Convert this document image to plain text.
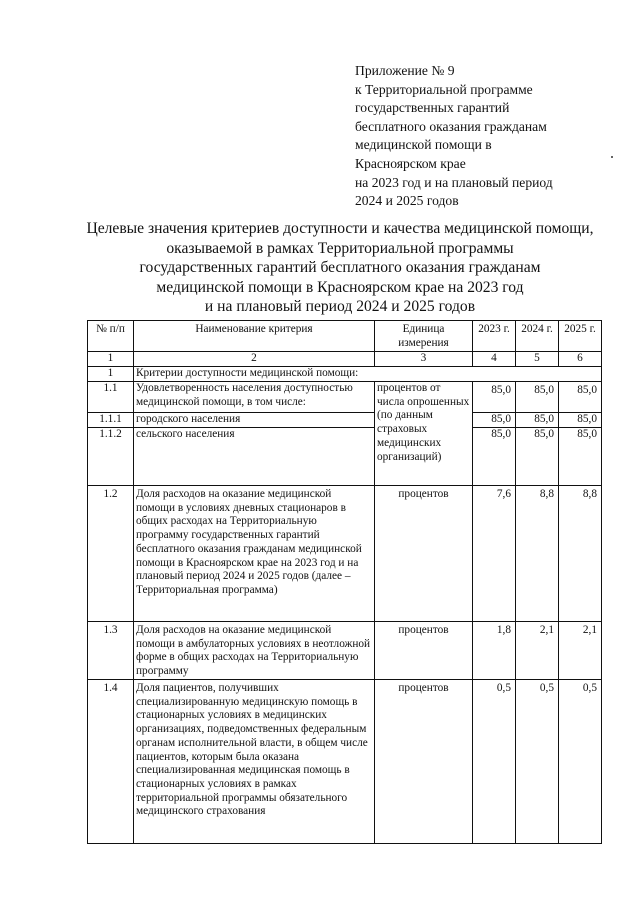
Приложение № 9
к Территориальной программе
государственных гарантий
бесплатного оказания гражданам
медицинской помощи в
Красноярском крае
на 2023 год и на плановый период
2024 и 2025 годов
Целевые значения критериев доступности и качества медицинской помощи,
оказываемой в рамках Территориальной программы
государственных гарантий бесплатного оказания гражданам
медицинской помощи в Красноярском крае на 2023 год
и на плановый период 2024 и 2025 годов
№ п/п	Наименование критерия	Единица измерения	2023 г.	2024 г.	2025 г.
1	2	3	4	5	6
1	Критерии доступности медицинской помощи:				
1.1	Удовлетворенность населения доступностью медицинской помощи, в том числе:	процентов от числа опрошенных (по данным страховых медицинских организаций)	85,0	85,0	85,0
1.1.1	городского населения		85,0	85,0	85,0
1.1.2	сельского населения		85,0	85,0	85,0
1.2	Доля расходов на оказание медицинской помощи в условиях дневных стационаров в общих расходах на Территориальную программу государственных гарантий бесплатного оказания гражданам медицинской помощи в Красноярском крае на 2023 год и на плановый период 2024 и 2025 годов (далее – Территориальная программа)	процентов	7,6	8,8	8,8
1.3	Доля расходов на оказание медицинской помощи в амбулаторных условиях в неотложной форме в общих расходах на Территориальную программу	процентов	1,8	2,1	2,1
1.4	Доля пациентов, получивших специализированную медицинскую помощь в стационарных условиях в медицинских организациях, подведомственных федеральным органам исполнительной власти, в общем числе пациентов, которым была оказана специализированная медицинская помощь в стационарных условиях в рамках территориальной программы обязательного медицинского страхования	процентов	0,5	0,5	0,5
